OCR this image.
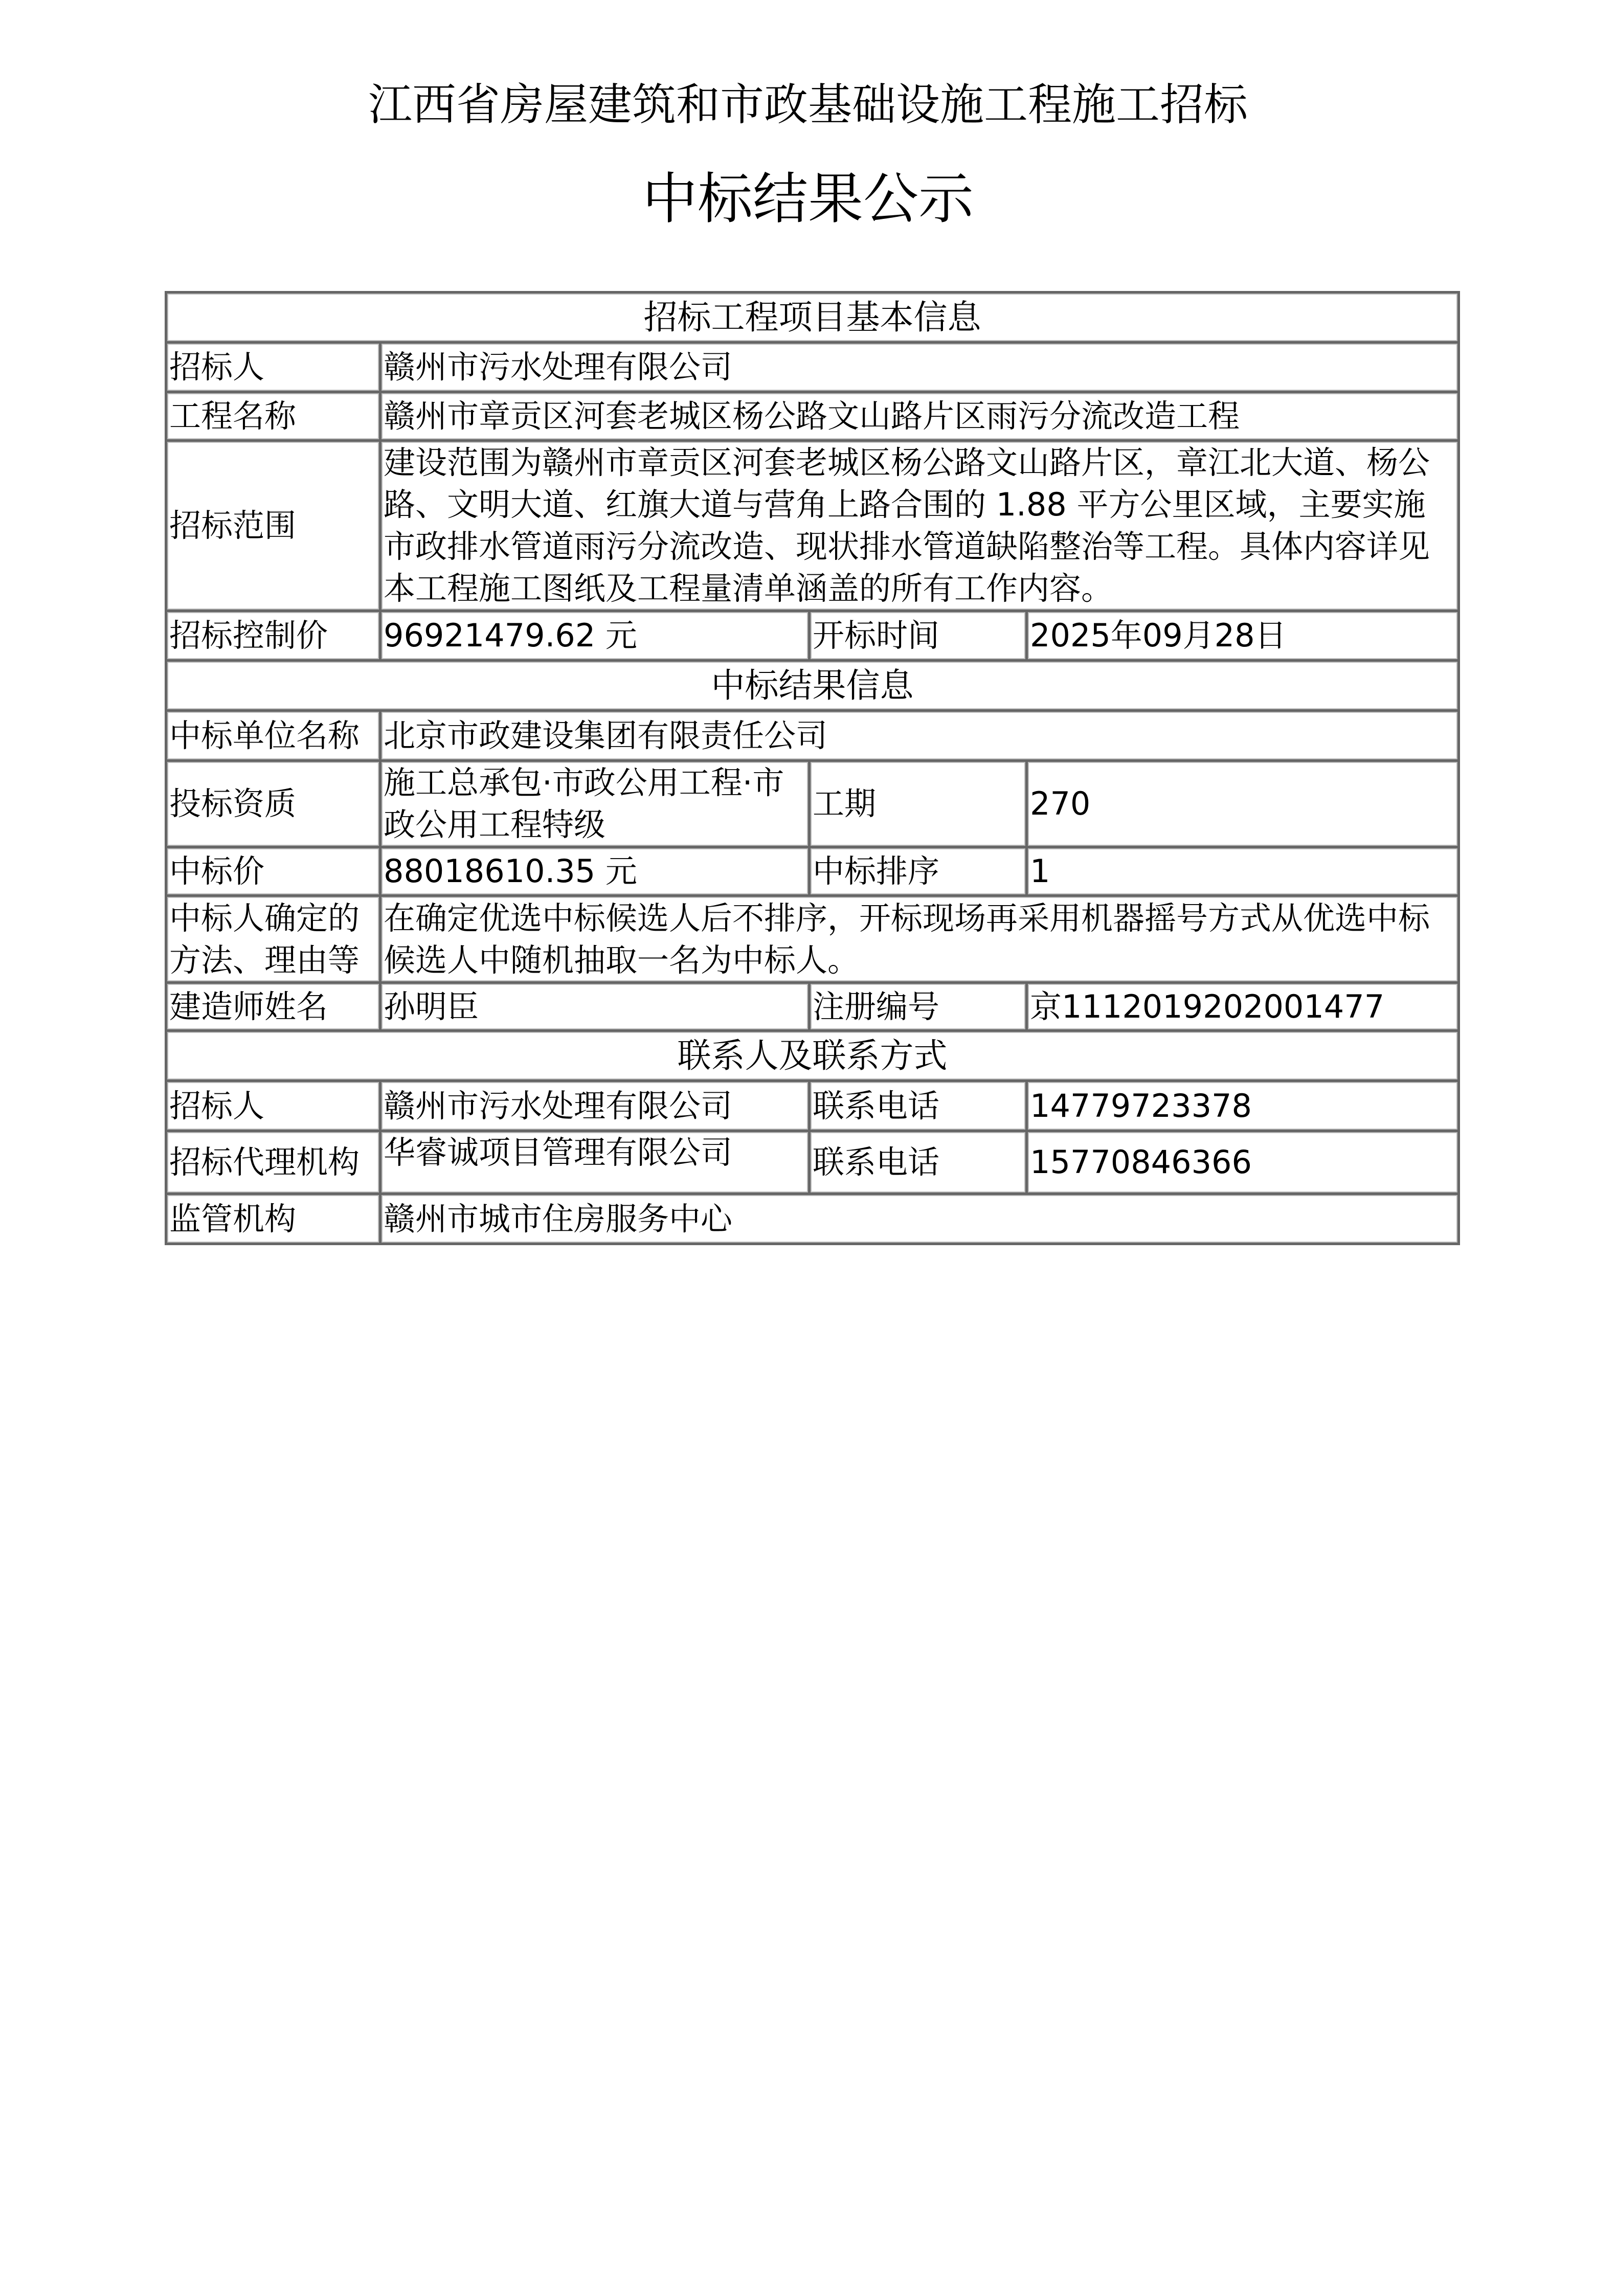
江西省房屋建筑和市政基础设施工程施工招标
中标结果公示
招标工程项目基本信息			
招标人	赣州市污水处理有限公司		
工程名称	赣州市章贡区河套老城区杨公路文山路片区雨污分流改造工程		
招标范围	建设范围为赣州市章贡区河套老城区杨公路文山路片区，章江北大道、杨公路、文明大道、红旗大道与营角上路合围的 1.88 平方公里区域，主要实施市政排水管道雨污分流改造、现状排水管道缺陷整治等工程。具体内容详见本工程施工图纸及工程量清单涵盖的所有工作内容。		
招标控制价	96921479.62 元	开标时间	2025年09月28日
中标结果信息			
中标单位名称	北京市政建设集团有限责任公司		
投标资质	施工总承包·市政公用工程·市政公用工程特级	工期	270
中标价	88018610.35 元	中标排序	1
中标人确定的方法、理由等	在确定优选中标候选人后不排序，开标现场再采用机器摇号方式从优选中标候选人中随机抽取一名为中标人。		
建造师姓名	孙明臣	注册编号	京1112019202001477
联系人及联系方式			
招标人	赣州市污水处理有限公司	联系电话	14779723378
招标代理机构	华睿诚项目管理有限公司	联系电话	15770846366
监管机构	赣州市城市住房服务中心		
